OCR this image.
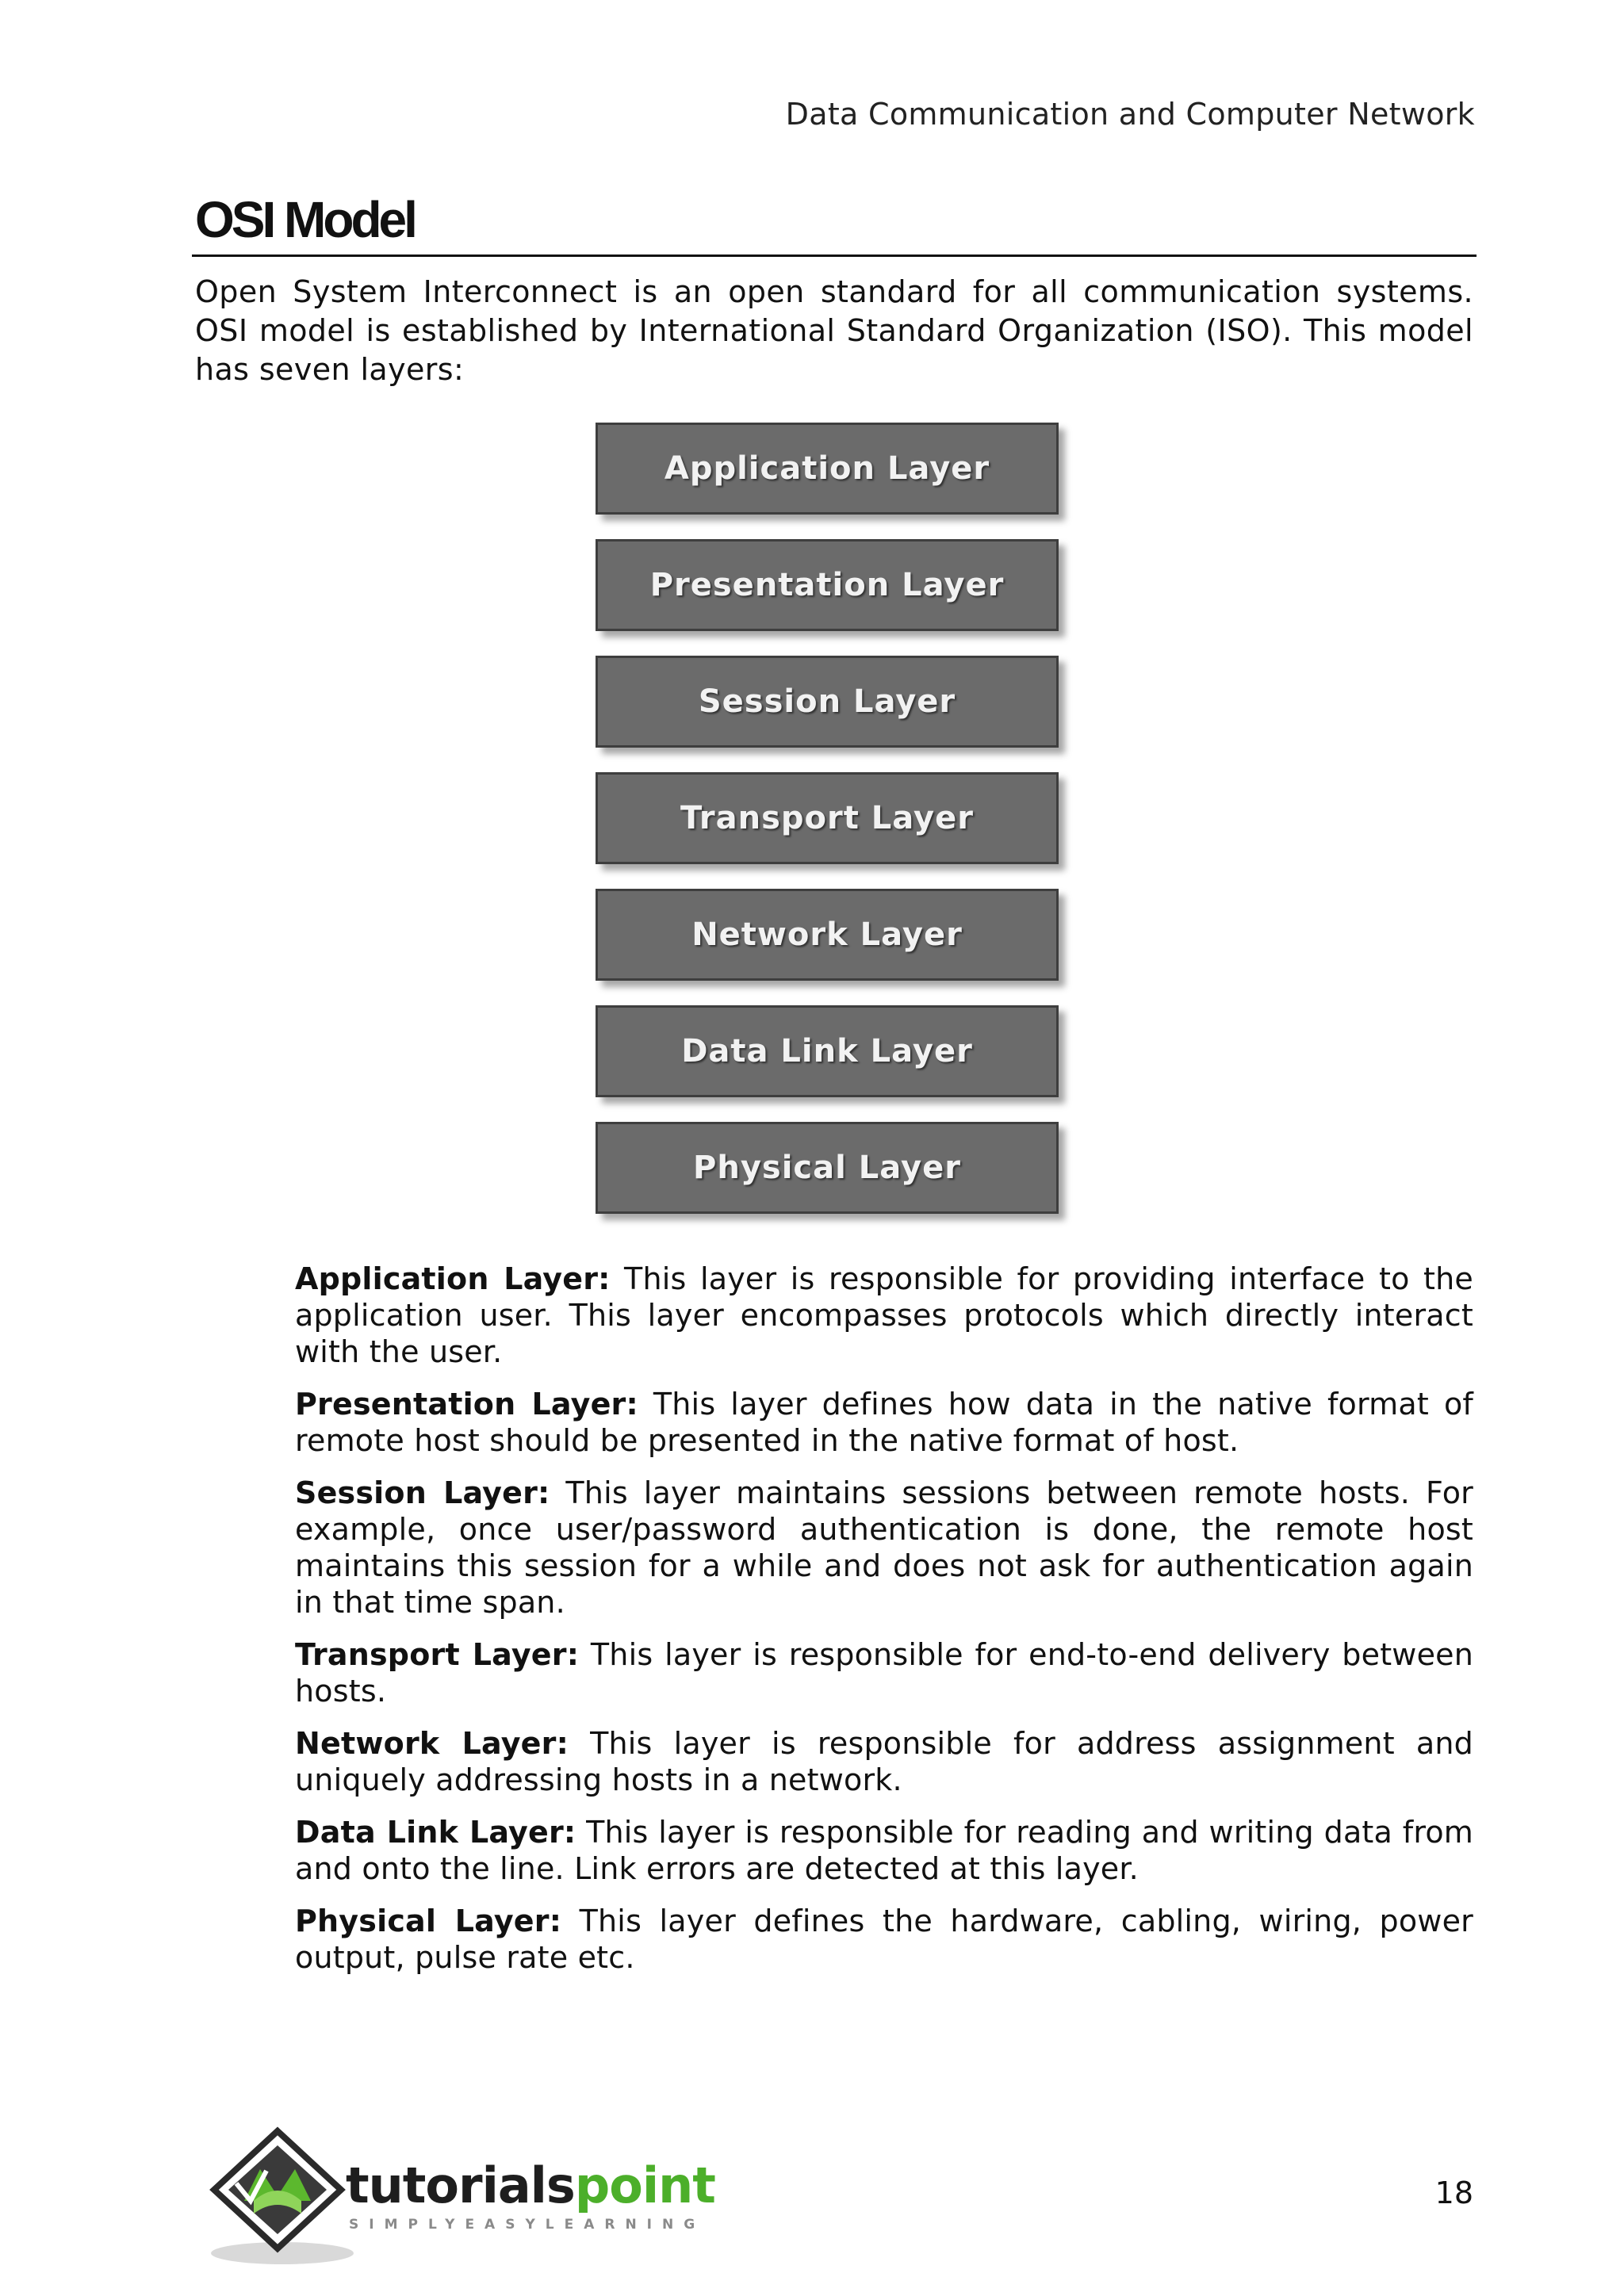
Data Communication and Computer Network
OSI Model

Open System Interconnect is an open standard for all communication systems. OSI model is established by International Standard Organization (ISO). This model has seven layers:

Application Layer
Presentation Layer
Session Layer
Transport Layer
Network Layer
Data Link Layer
Physical Layer

Application Layer: This layer is responsible for providing interface to the application user. This layer encompasses protocols which directly interact with the user.

Presentation Layer: This layer defines how data in the native format of remote host should be presented in the native format of host.

Session Layer: This layer maintains sessions between remote hosts. For example, once user/password authentication is done, the remote host maintains this session for a while and does not ask for authentication again in that time span.

Transport Layer: This layer is responsible for end-to-end delivery between hosts.

Network Layer: This layer is responsible for address assignment and uniquely addressing hosts in a network.

Data Link Layer: This layer is responsible for reading and writing data from and onto the line. Link errors are detected at this layer.

Physical Layer: This layer defines the hardware, cabling, wiring, power output, pulse rate etc.

tutorialspoint
SIMPLYEASYLEARNING
18
